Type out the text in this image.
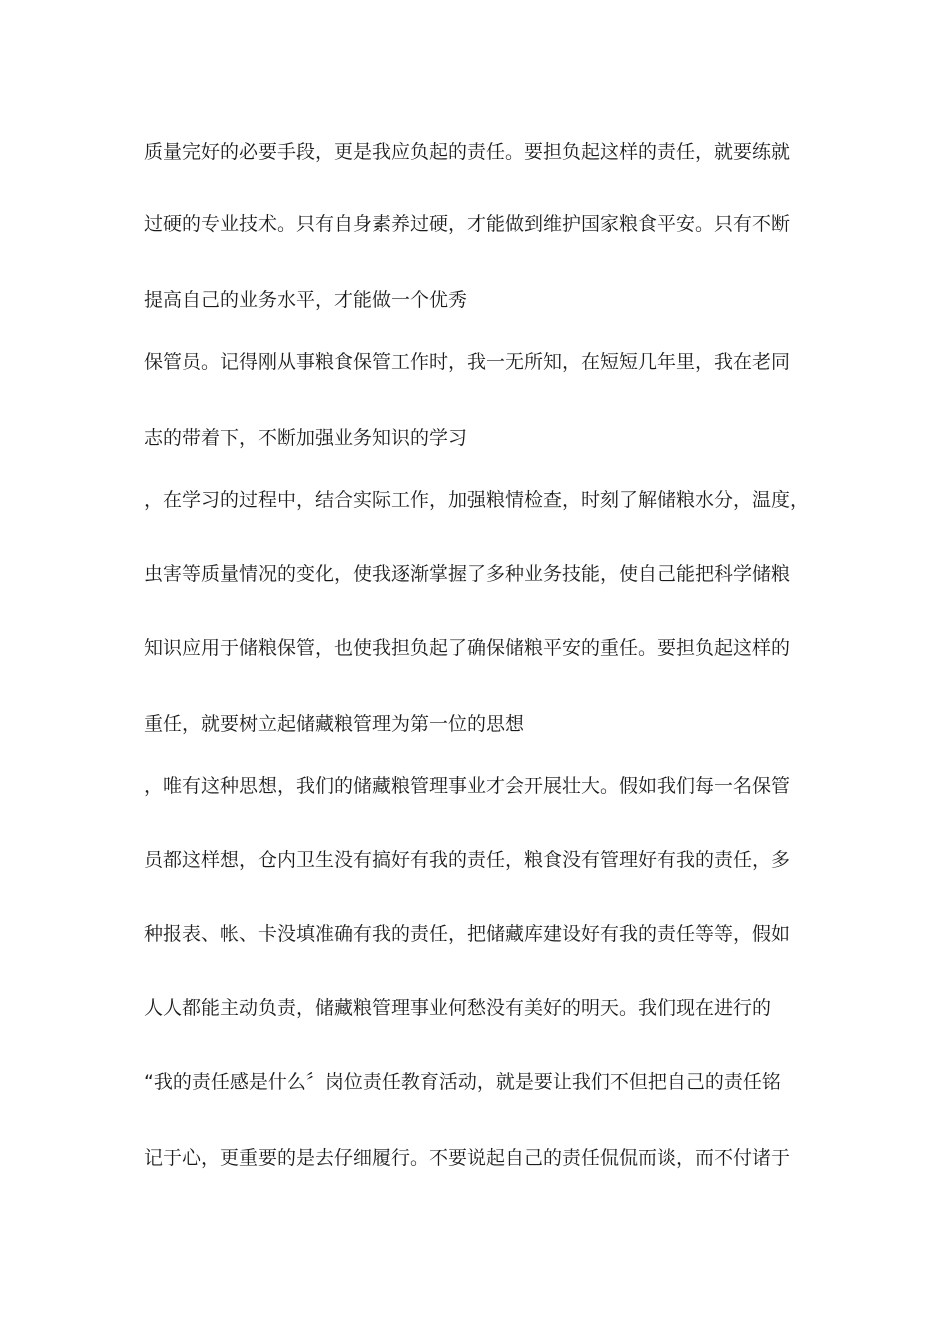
质量完好的必要手段，更是我应负起的责任。要担负起这样的责任，就要练就
过硬的专业技术。只有自身素养过硬，才能做到维护国家粮食平安。只有不断
提高自己的业务水平，才能做一个优秀
保管员。记得刚从事粮食保管工作时，我一无所知，在短短几年里，我在老同
志的带着下，不断加强业务知识的学习
，在学习的过程中，结合实际工作，加强粮情检查，时刻了解储粮水分，温度，
虫害等质量情况的变化，使我逐渐掌握了多种业务技能，使自己能把科学储粮
知识应用于储粮保管，也使我担负起了确保储粮平安的重任。要担负起这样的
重任，就要树立起储藏粮管理为第一位的思想
，唯有这种思想，我们的储藏粮管理事业才会开展壮大。假如我们每一名保管
员都这样想，仓内卫生没有搞好有我的责任，粮食没有管理好有我的责任，多
种报表、帐、卡没填准确有我的责任，把储藏库建设好有我的责任等等，假如
人人都能主动负责，储藏粮管理事业何愁没有美好的明天。我们现在进行的
“我的责任感是什么〞岗位责任教育活动，就是要让我们不但把自己的责任铭
记于心，更重要的是去仔细履行。不要说起自己的责任侃侃而谈，而不付诸于
